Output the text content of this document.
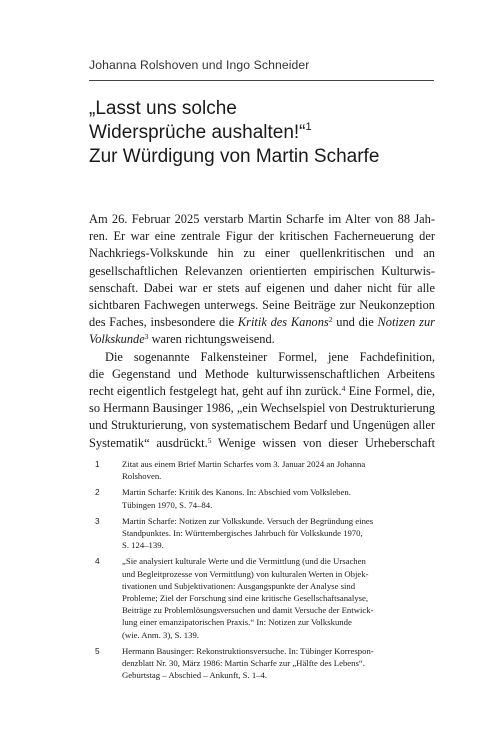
Johanna Rolshoven und Ingo Schneider
„Lasst uns solche
Widersprüche aushalten!“$^1$
Zur Würdigung von Martin Scharfe
Am 26. Februar 2025 verstarb Martin Scharfe im Alter von 88 Jah-
ren. Er war eine zentrale Figur der kritischen Facherneuerung der
Nachkriegs-Volkskunde hin zu einer quellenkritischen und an
gesellschaftlichen Relevanzen orientierten empirischen Kulturwis-
senschaft. Dabei war er stets auf eigenen und daher nicht für alle
sichtbaren Fachwegen unterwegs. Seine Beiträge zur Neukonzeption
des Faches, insbesondere die Kritik des Kanons$^2$ und die Notizen zur
Volkskunde$^3$ waren richtungsweisend.
Die sogenannte Falkensteiner Formel, jene Fachdefinition,
die Gegenstand und Methode kulturwissenschaftlichen Arbeitens
recht eigentlich festgelegt hat, geht auf ihn zurück.$^4$ Eine Formel, die,
so Hermann Bausinger 1986, „ein Wechselspiel von Destrukturierung
und Strukturierung, von systematischem Bedarf und Ungenügen aller
Systematik“ ausdrückt.$^5$ Wenige wissen von dieser Urheberschaft
1	Zitat aus einem Brief Martin Scharfes vom 3. Januar 2024 an Johanna
Rolshoven.
2	Martin Scharfe: Kritik des Kanons. In: Abschied vom Volksleben.
Tübingen 1970, S. 74–84.
3	Martin Scharfe: Notizen zur Volkskunde. Versuch der Begründung eines
Standpunktes. In: Württembergisches Jahrbuch für Volkskunde 1970,
S. 124–139.
4	„Sie analysiert kulturale Werte und die Vermittlung (und die Ursachen
und Begleitprozesse von Vermittlung) von kulturalen Werten in Objek-
tivationen und Subjektivationen: Ausgangspunkte der Analyse sind
Probleme; Ziel der Forschung sind eine kritische Gesellschaftsanalyse,
Beiträge zu Problemlösungsversuchen und damit Versuche der Entwick-
lung einer emanzipatorischen Praxis.“ In: Notizen zur Volkskunde
(wie. Anm. 3), S. 139.
5	Hermann Bausinger: Rekonstruktionsversuche. In: Tübinger Korrespon-
denzblatt Nr. 30, März 1986: Martin Scharfe zur „Hälfte des Lebens“.
Geburtstag – Abschied – Ankunft, S. 1–4.
